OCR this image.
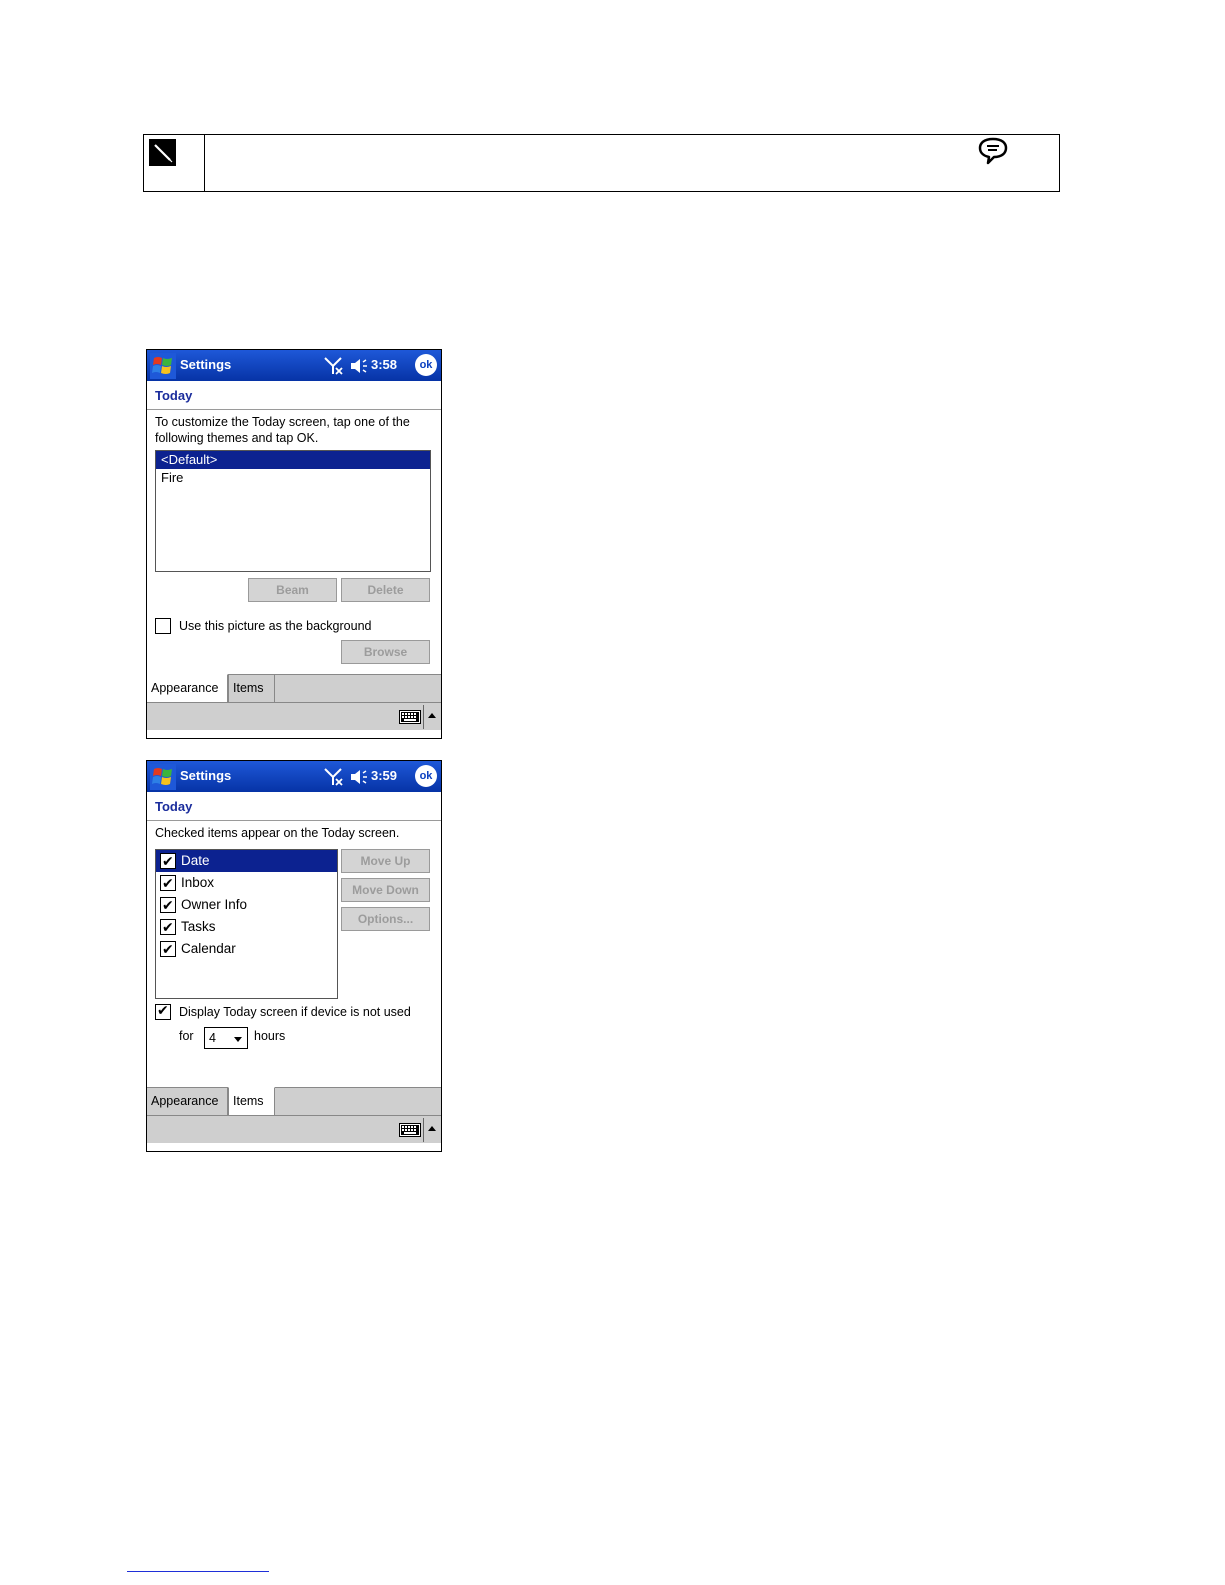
Settings	3:58	ok
Today
To customize the Today screen, tap one of the following themes and tap OK.
<Default>
Fire
Beam	Delete
Use this picture as the background
Browse
Appearance	Items
Settings	3:59	ok
Today
Checked items appear on the Today screen.
✔
Date
✔
Inbox
✔
Owner Info
✔
Tasks
✔
Calendar
Move Up
Move Down
Options...
✔
Display Today screen if device is not used
for 4	hours
Appearance	Items
